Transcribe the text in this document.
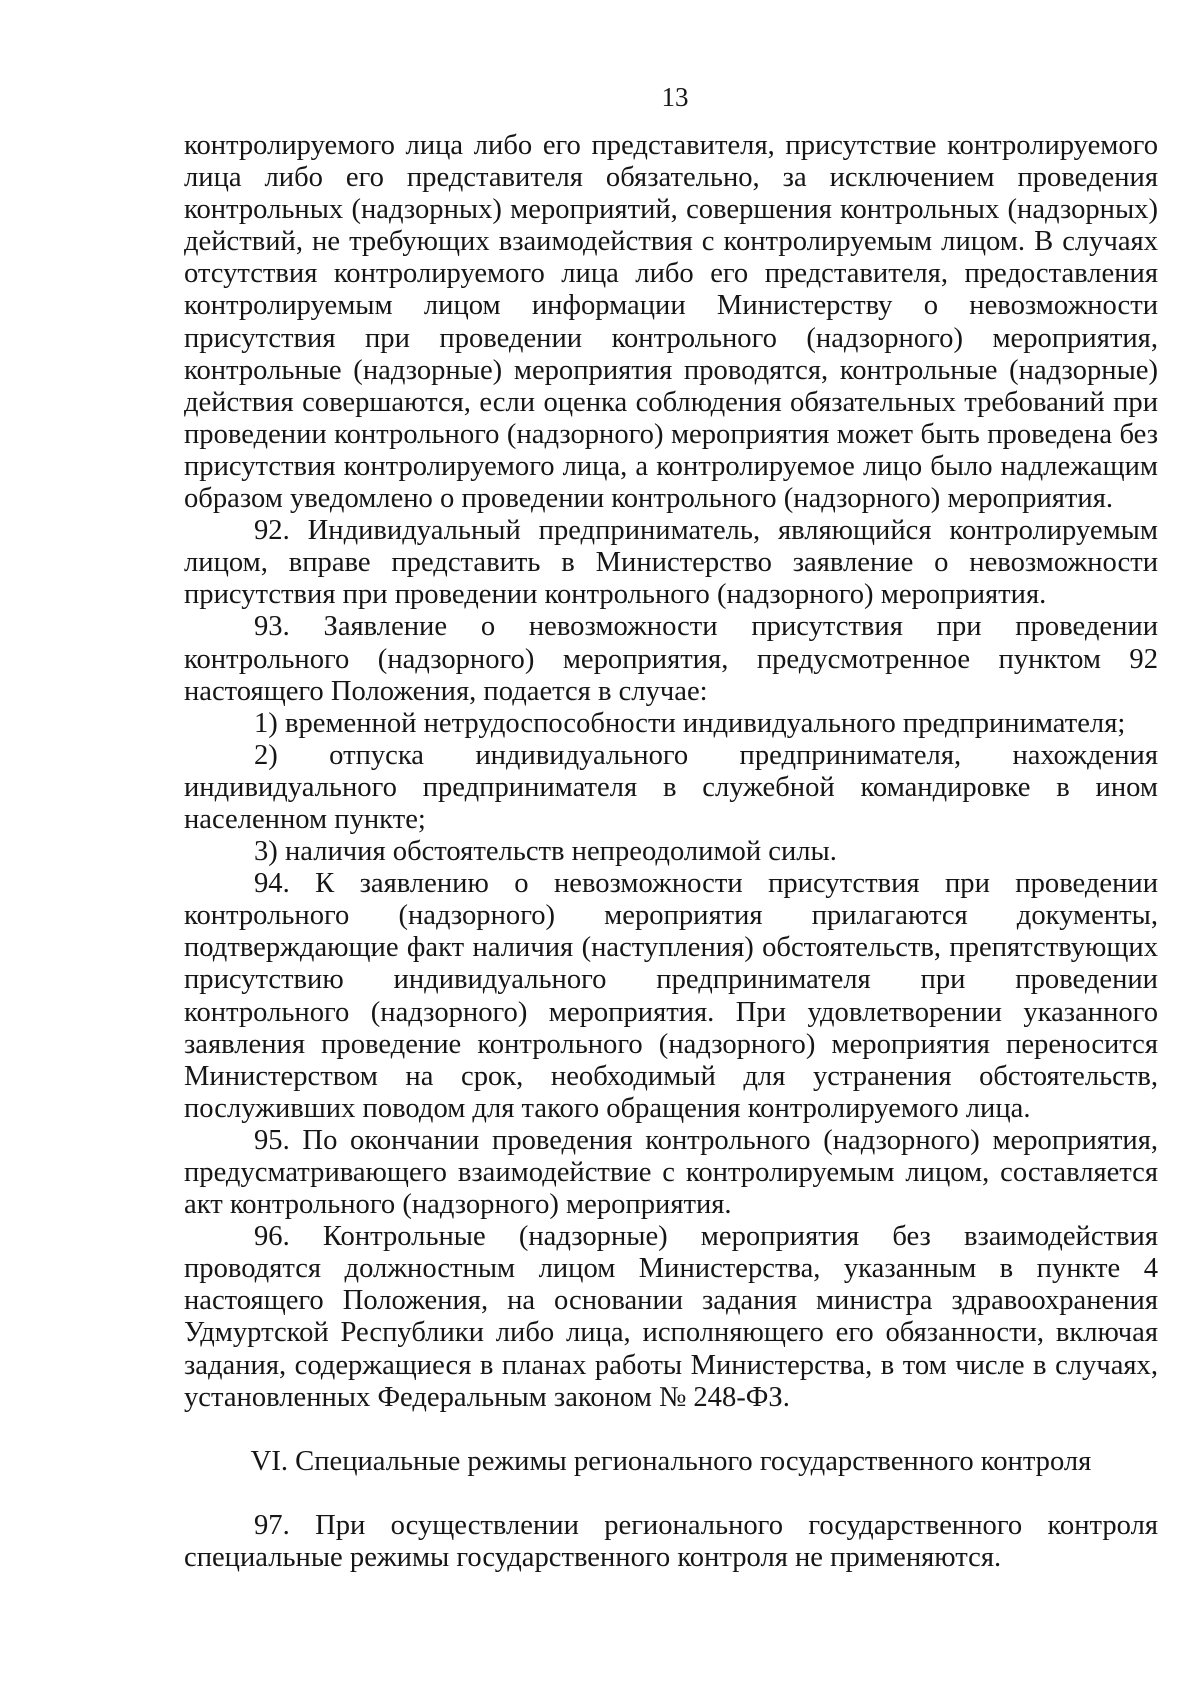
13

контролируемого лица либо его представителя, присутствие контролируемого лица либо его представителя обязательно, за исключением проведения контрольных (надзорных) мероприятий, совершения контрольных (надзорных) действий, не требующих взаимодействия с контролируемым лицом. В случаях отсутствия контролируемого лица либо его представителя, предоставления контролируемым лицом информации Министерству о невозможности присутствия при проведении контрольного (надзорного) мероприятия, контрольные (надзорные) мероприятия проводятся, контрольные (надзорные) действия совершаются, если оценка соблюдения обязательных требований при проведении контрольного (надзорного) мероприятия может быть проведена без присутствия контролируемого лица, а контролируемое лицо было надлежащим образом уведомлено о проведении контрольного (надзорного) мероприятия.

92. Индивидуальный предприниматель, являющийся контролируемым лицом, вправе представить в Министерство заявление о невозможности присутствия при проведении контрольного (надзорного) мероприятия.

93. Заявление о невозможности присутствия при проведении контрольного (надзорного) мероприятия, предусмотренное пунктом 92 настоящего Положения, подается в случае:

1) временной нетрудоспособности индивидуального предпринимателя;

2) отпуска индивидуального предпринимателя, нахождения индивидуального предпринимателя в служебной командировке в ином населенном пункте;

3) наличия обстоятельств непреодолимой силы.

94. К заявлению о невозможности присутствия при проведении контрольного (надзорного) мероприятия прилагаются документы, подтверждающие факт наличия (наступления) обстоятельств, препятствующих присутствию индивидуального предпринимателя при проведении контрольного (надзорного) мероприятия. При удовлетворении указанного заявления проведение контрольного (надзорного) мероприятия переносится Министерством на срок, необходимый для устранения обстоятельств, послуживших поводом для такого обращения контролируемого лица.

95. По окончании проведения контрольного (надзорного) мероприятия, предусматривающего взаимодействие с контролируемым лицом, составляется акт контрольного (надзорного) мероприятия.

96. Контрольные (надзорные) мероприятия без взаимодействия проводятся должностным лицом Министерства, указанным в пункте 4 настоящего Положения, на основании задания министра здравоохранения Удмуртской Республики либо лица, исполняющего его обязанности, включая задания, содержащиеся в планах работы Министерства, в том числе в случаях, установленных Федеральным законом № 248-ФЗ.

VI. Специальные режимы регионального государственного контроля

97. При осуществлении регионального государственного контроля специальные режимы государственного контроля не применяются.
